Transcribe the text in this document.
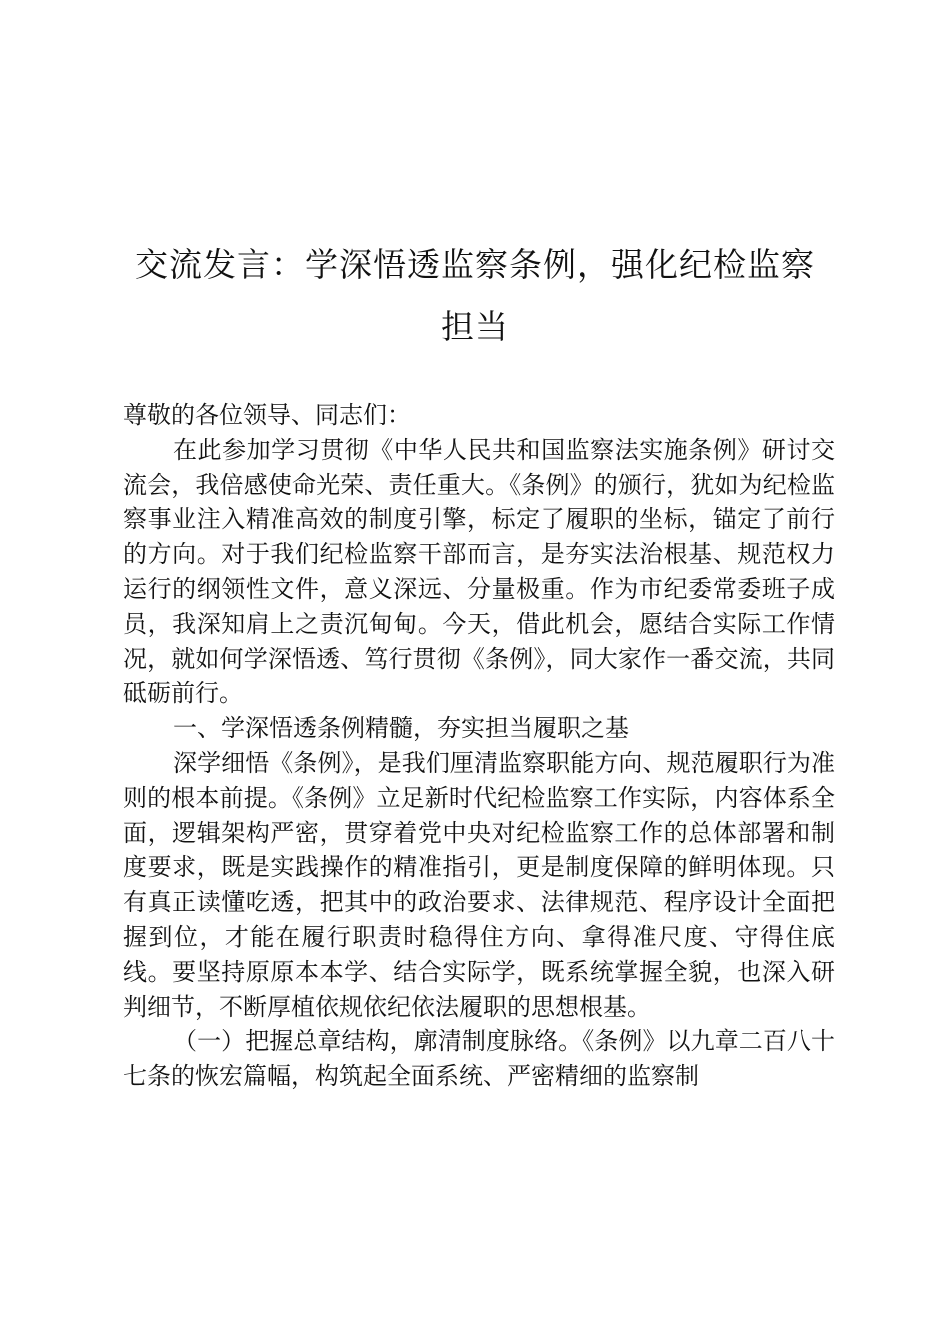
交流发言：学深悟透监察条例，强化纪检监察
担当

尊敬的各位领导、同志们：

在此参加学习贯彻《中华人民共和国监察法实施条例》研讨交流会，我倍感使命光荣、责任重大。《条例》的颁行，犹如为纪检监察事业注入精准高效的制度引擎，标定了履职的坐标，锚定了前行的方向。对于我们纪检监察干部而言，是夯实法治根基、规范权力运行的纲领性文件，意义深远、分量极重。作为市纪委常委班子成员，我深知肩上之责沉甸甸。今天，借此机会，愿结合实际工作情况，就如何学深悟透、笃行贯彻《条例》，同大家作一番交流，共同砥砺前行。

一、学深悟透条例精髓，夯实担当履职之基

深学细悟《条例》，是我们厘清监察职能方向、规范履职行为准则的根本前提。《条例》立足新时代纪检监察工作实际，内容体系全面，逻辑架构严密，贯穿着党中央对纪检监察工作的总体部署和制度要求，既是实践操作的精准指引，更是制度保障的鲜明体现。只有真正读懂吃透，把其中的政治要求、法律规范、程序设计全面把握到位，才能在履行职责时稳得住方向、拿得准尺度、守得住底线。要坚持原原本本学、结合实际学，既系统掌握全貌，也深入研判细节，不断厚植依规依纪依法履职的思想根基。

（一）把握总章结构，廓清制度脉络。《条例》以九章二百八十七条的恢宏篇幅，构筑起全面系统、严密精细的监察制
